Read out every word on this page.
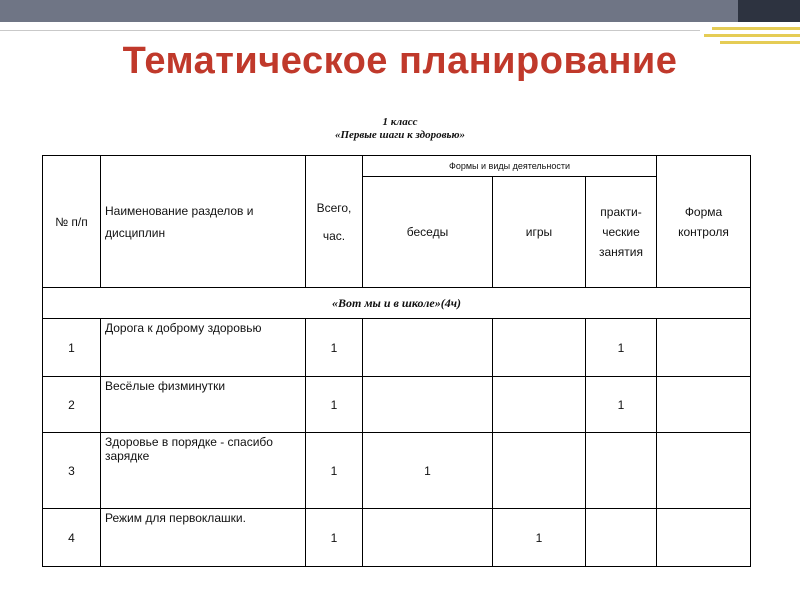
Тематическое планирование
1 класс
«Первые шаги к здоровью»
№ п/п	Наименование разделов и дисциплин	Всего, час.	Формы и виды деятельности			Форма контроля
			беседы	игры	практи-ческие занятия	
«Вот мы и в школе»(4ч)						
1	Дорога к доброму здоровью	1			1	
2	Весёлые физминутки	1			1	
3	Здоровье в порядке - спасибо зарядке	1	1			
4	Режим для первоклашки.	1		1		
